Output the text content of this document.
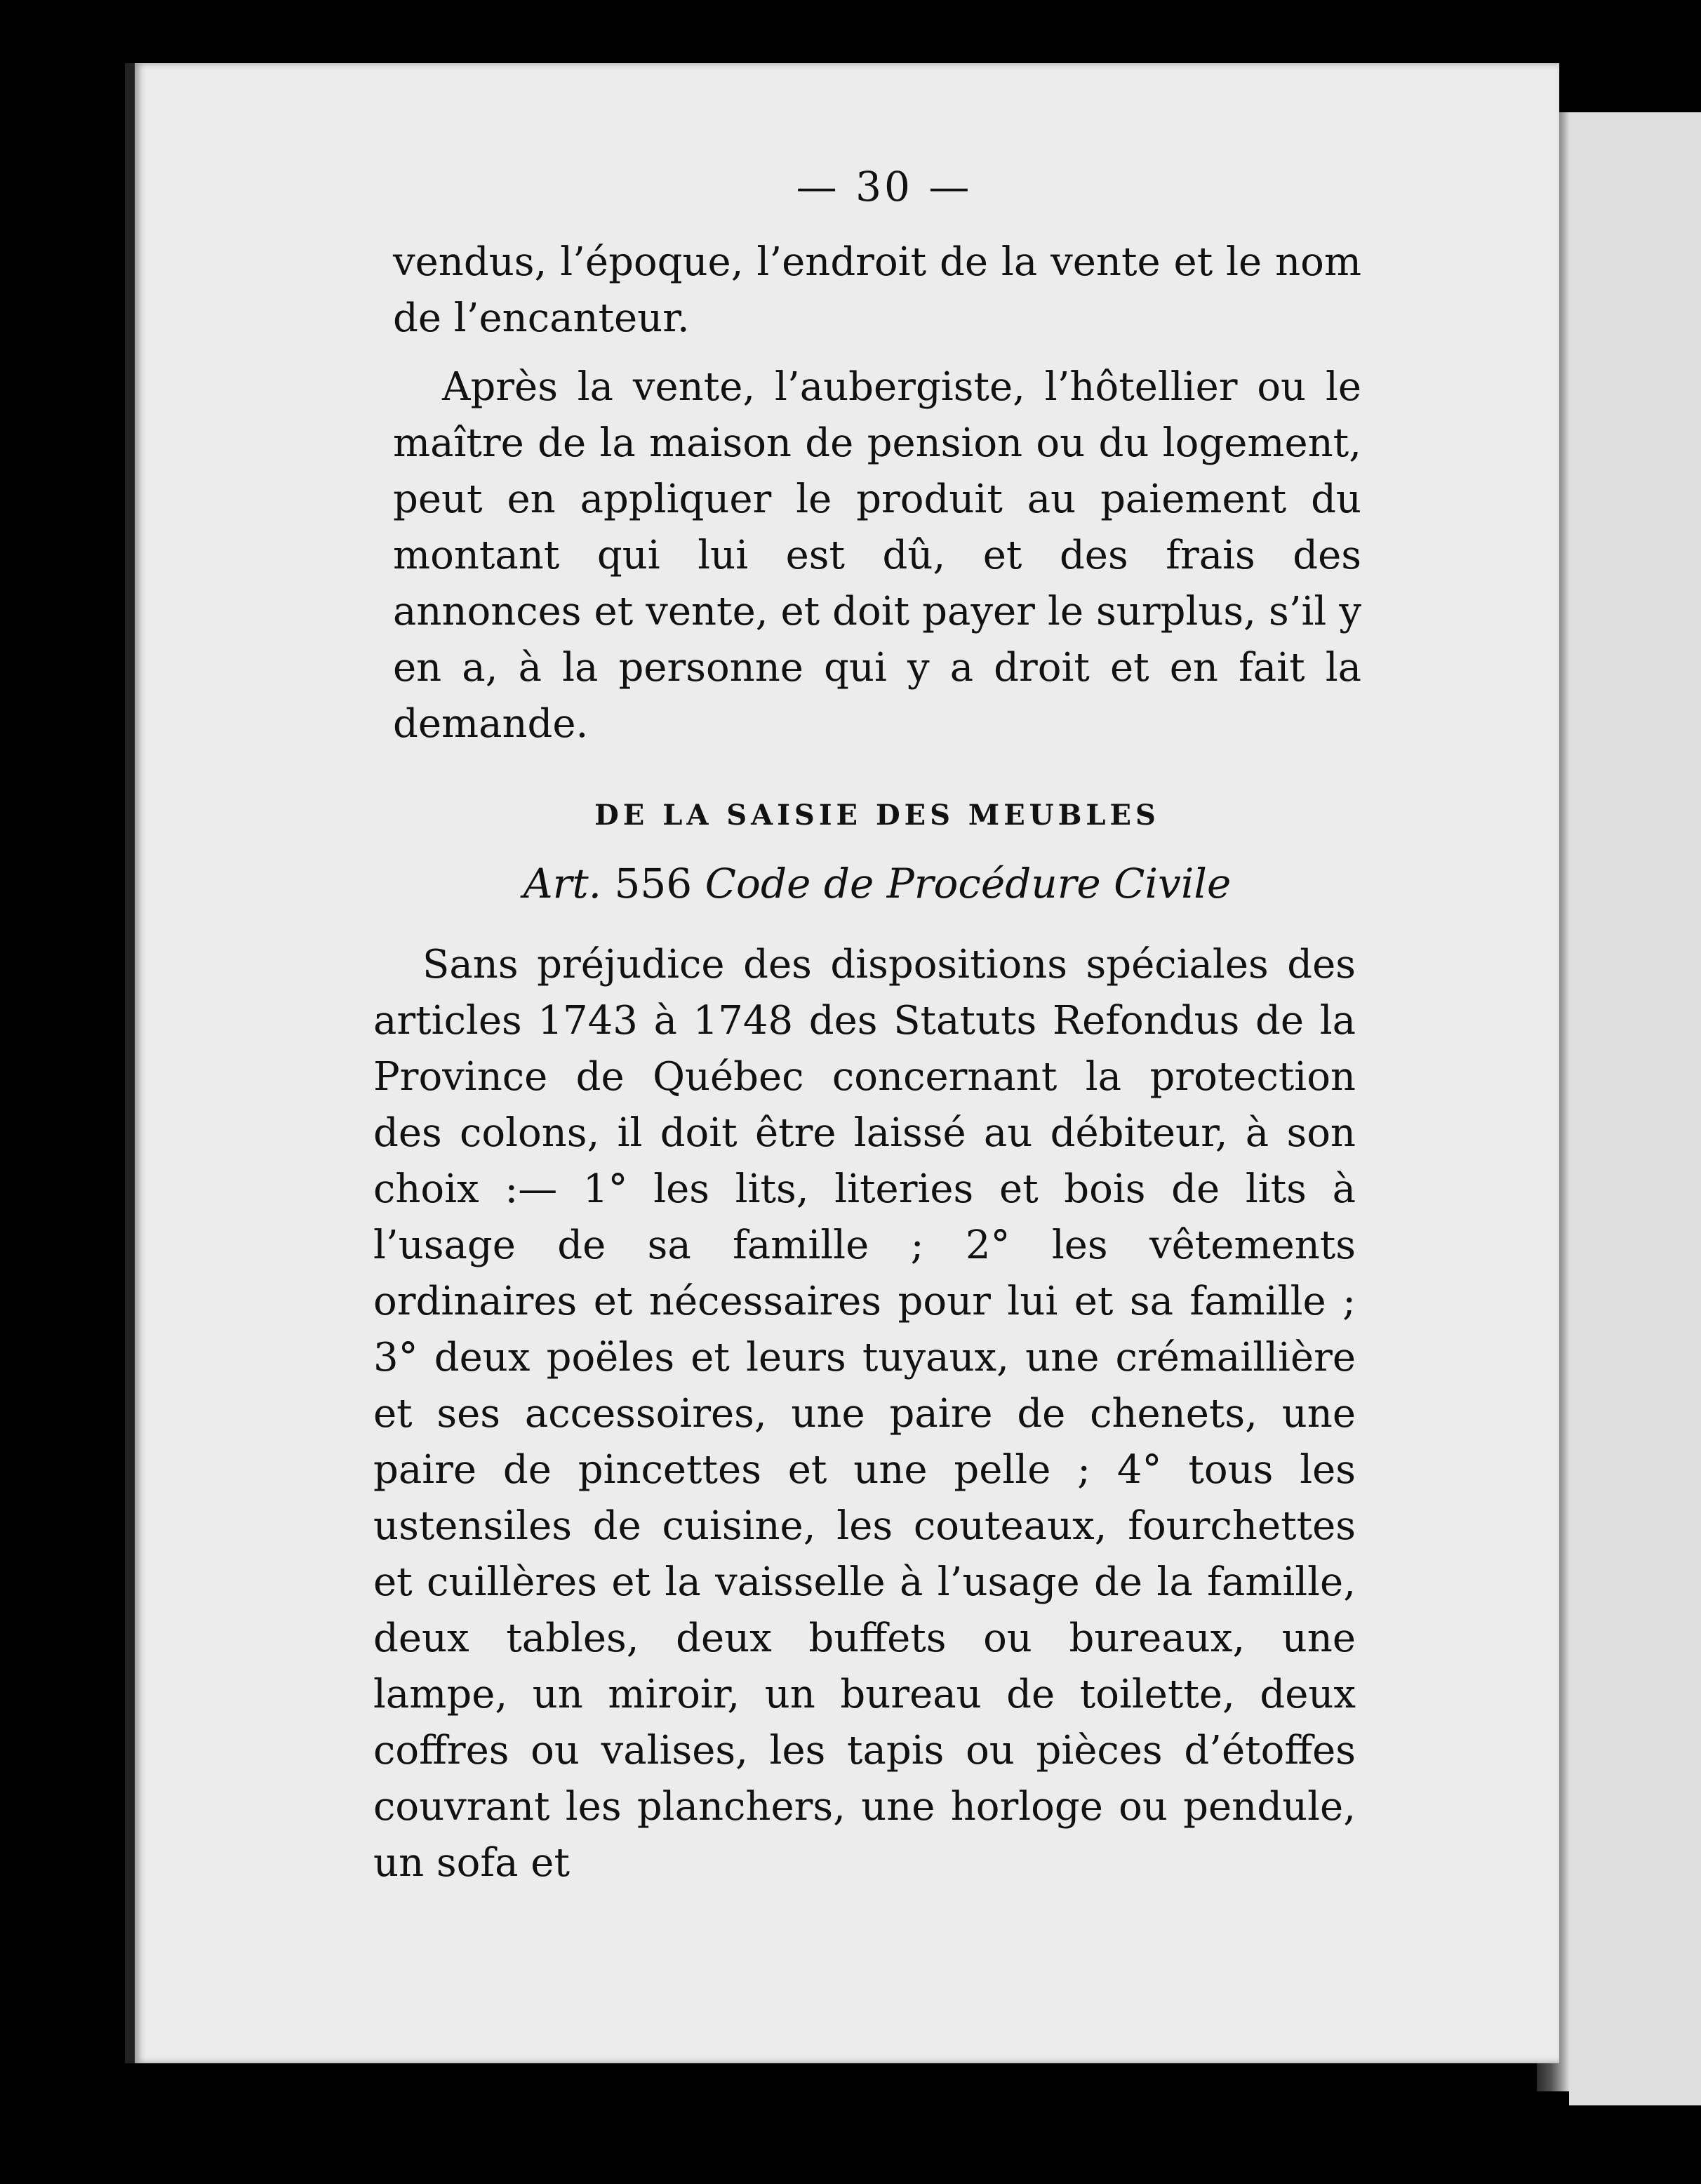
— 30 —

vendus, l’époque, l’endroit de la vente et le nom de l’encanteur.

Après la vente, l’aubergiste, l’hôtellier ou le maître de la maison de pension ou du logement, peut en appliquer le produit au paiement du montant qui lui est dû, et des frais des annonces et vente, et doit payer le surplus, s’il y en a, à la personne qui y a droit et en fait la demande.

DE LA SAISIE DES MEUBLES
Art. 556 Code de Procédure Civile

Sans préjudice des dispositions spéciales des articles 1743 à 1748 des Statuts Refondus de la Province de Québec concernant la protection des colons, il doit être laissé au débiteur, à son choix :— 1° les lits, literies et bois de lits à l’usage de sa famille ; 2° les vêtements ordinaires et nécessaires pour lui et sa famille ; 3° deux poëles et leurs tuyaux, une crémaillière et ses accessoires, une paire de chenets, une paire de pincettes et une pelle ; 4° tous les ustensiles de cuisine, les couteaux, fourchettes et cuillères et la vaisselle à l’usage de la famille, deux tables, deux buffets ou bureaux, une lampe, un miroir, un bureau de toilette, deux coffres ou valises, les tapis ou pièces d’étoffes couvrant les planchers, une horloge ou pendule, un sofa et
